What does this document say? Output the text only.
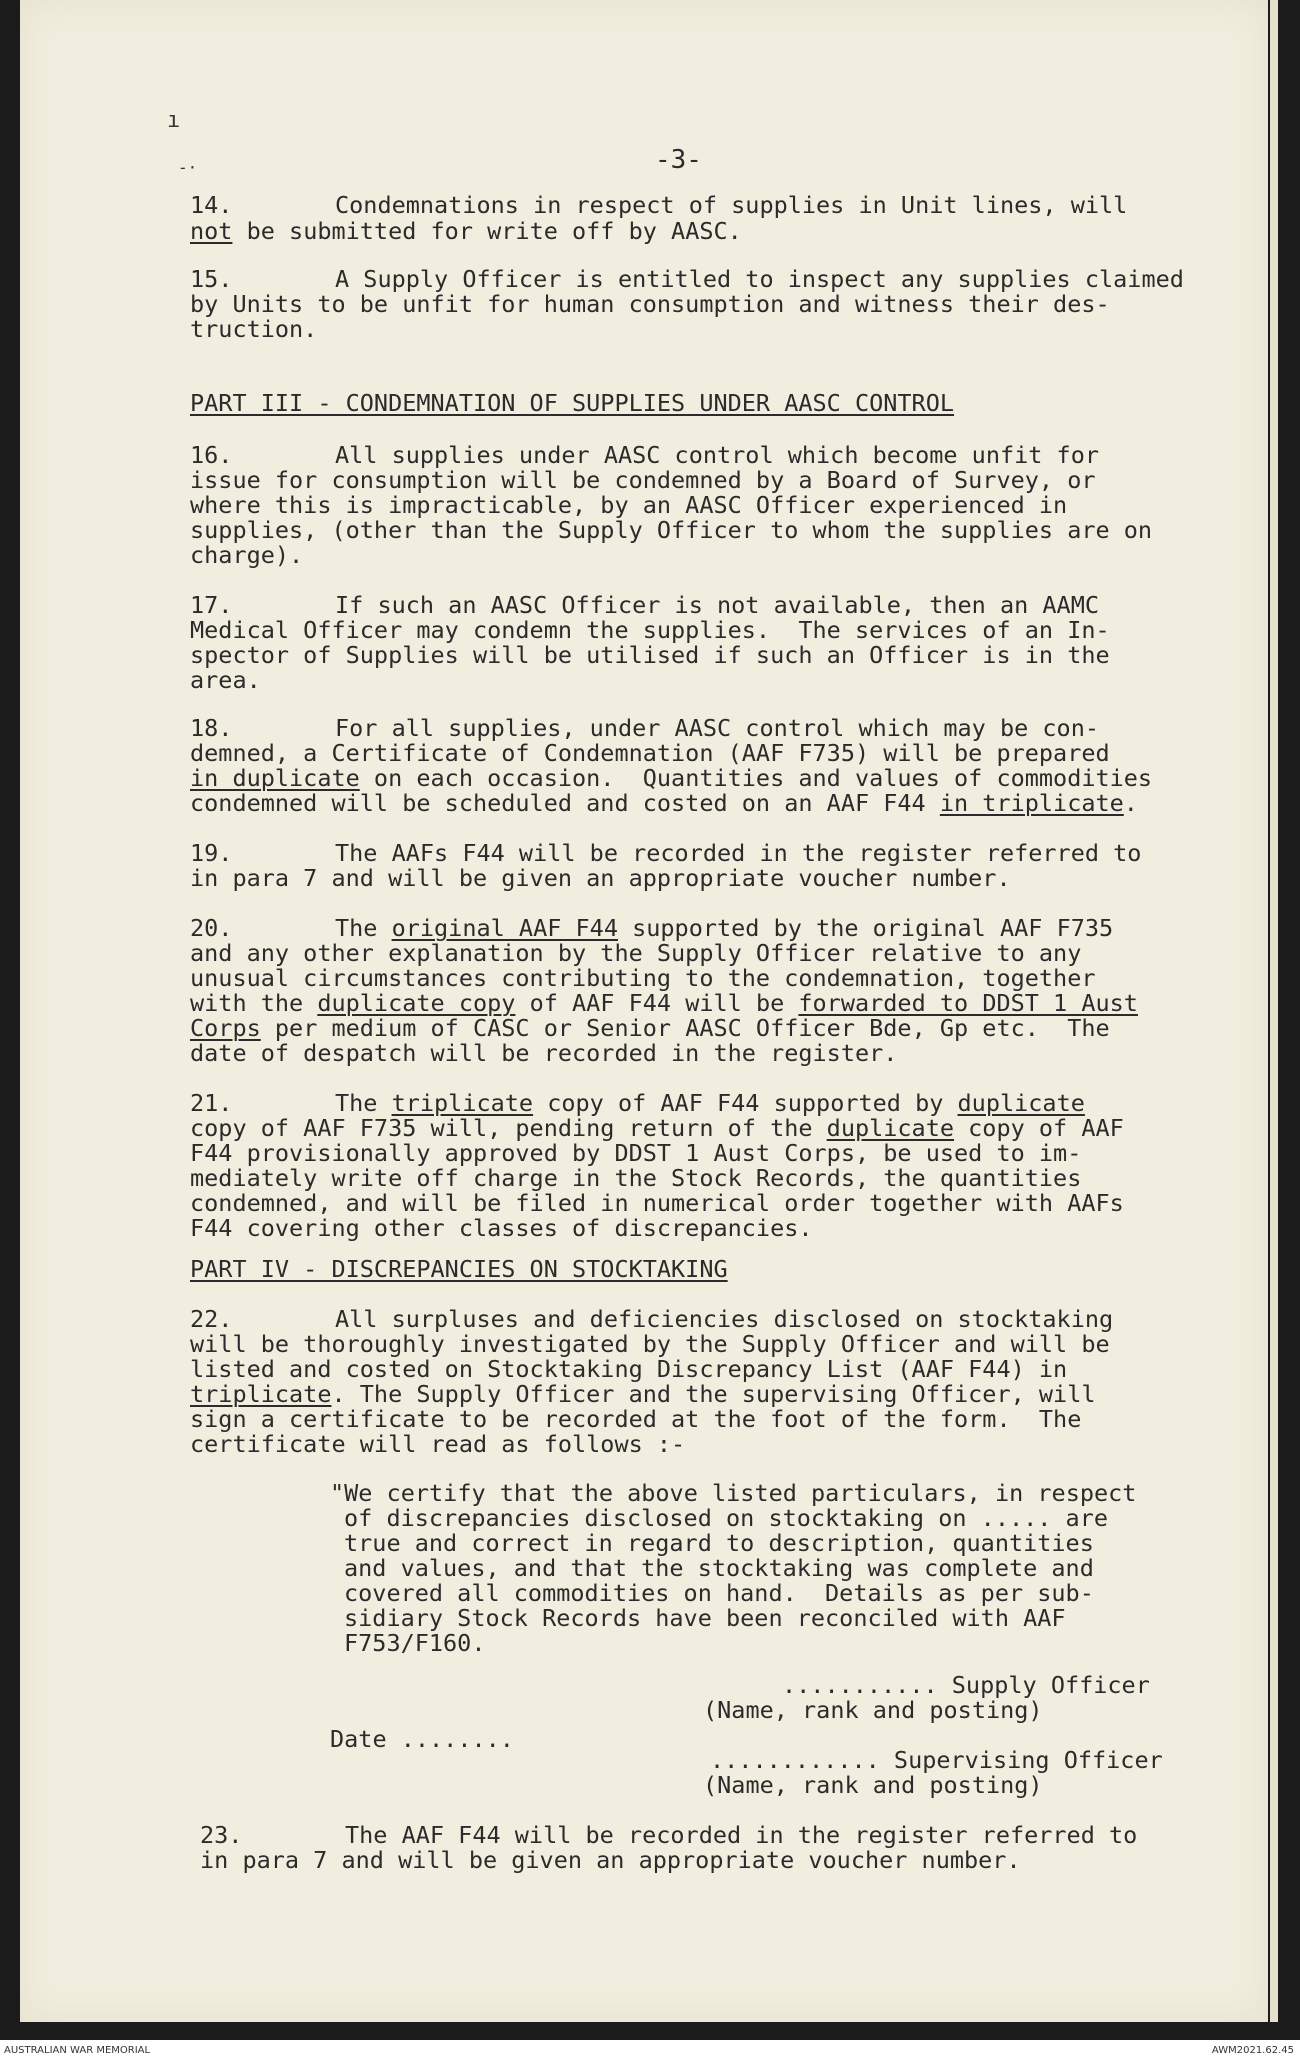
ı
-·	-3-
14.	Condemnations in respect of supplies in Unit lines, will
not be submitted for write off by AASC.
15.	A Supply Officer is entitled to inspect any supplies claimed
by Units to be unfit for human consumption and witness their des-
truction.
PART III - CONDEMNATION OF SUPPLIES UNDER AASC CONTROL
16.	All supplies under AASC control which become unfit for
issue for consumption will be condemned by a Board of Survey, or
where this is impracticable, by an AASC Officer experienced in
supplies, (other than the Supply Officer to whom the supplies are on
charge).
17.	If such an AASC Officer is not available, then an AAMC
Medical Officer may condemn the supplies.  The services of an In-
spector of Supplies will be utilised if such an Officer is in the
area.
18.	For all supplies, under AASC control which may be con-
demned, a Certificate of Condemnation (AAF F735) will be prepared
in duplicate on each occasion.  Quantities and values of commodities
condemned will be scheduled and costed on an AAF F44 in triplicate.
19.	The AAFs F44 will be recorded in the register referred to
in para 7 and will be given an appropriate voucher number.
20.	The original AAF F44 supported by the original AAF F735
and any other explanation by the Supply Officer relative to any
unusual circumstances contributing to the condemnation, together
with the duplicate copy of AAF F44 will be forwarded to DDST 1 Aust
Corps per medium of CASC or Senior AASC Officer Bde, Gp etc.  The
date of despatch will be recorded in the register.
21.	The triplicate copy of AAF F44 supported by duplicate
copy of AAF F735 will, pending return of the duplicate copy of AAF
F44 provisionally approved by DDST 1 Aust Corps, be used to im-
mediately write off charge in the Stock Records, the quantities
condemned, and will be filed in numerical order together with AAFs
F44 covering other classes of discrepancies.
PART IV - DISCREPANCIES ON STOCKTAKING
22.	All surpluses and deficiencies disclosed on stocktaking
will be thoroughly investigated by the Supply Officer and will be
listed and costed on Stocktaking Discrepancy List (AAF F44) in
triplicate. The Supply Officer and the supervising Officer, will
sign a certificate to be recorded at the foot of the form.  The
certificate will read as follows :-
"We certify that the above listed particulars, in respect
of discrepancies disclosed on stocktaking on ..... are
true and correct in regard to description, quantities
and values, and that the stocktaking was complete and
covered all commodities on hand.  Details as per sub-
sidiary Stock Records have been reconciled with AAF
F753/F160.
........... Supply Officer
(Name, rank and posting)
Date ........
............ Supervising Officer
(Name, rank and posting)
23.	The AAF F44 will be recorded in the register referred to
in para 7 and will be given an appropriate voucher number.
AUSTRALIAN WAR MEMORIAL	AWM2021.62.45
